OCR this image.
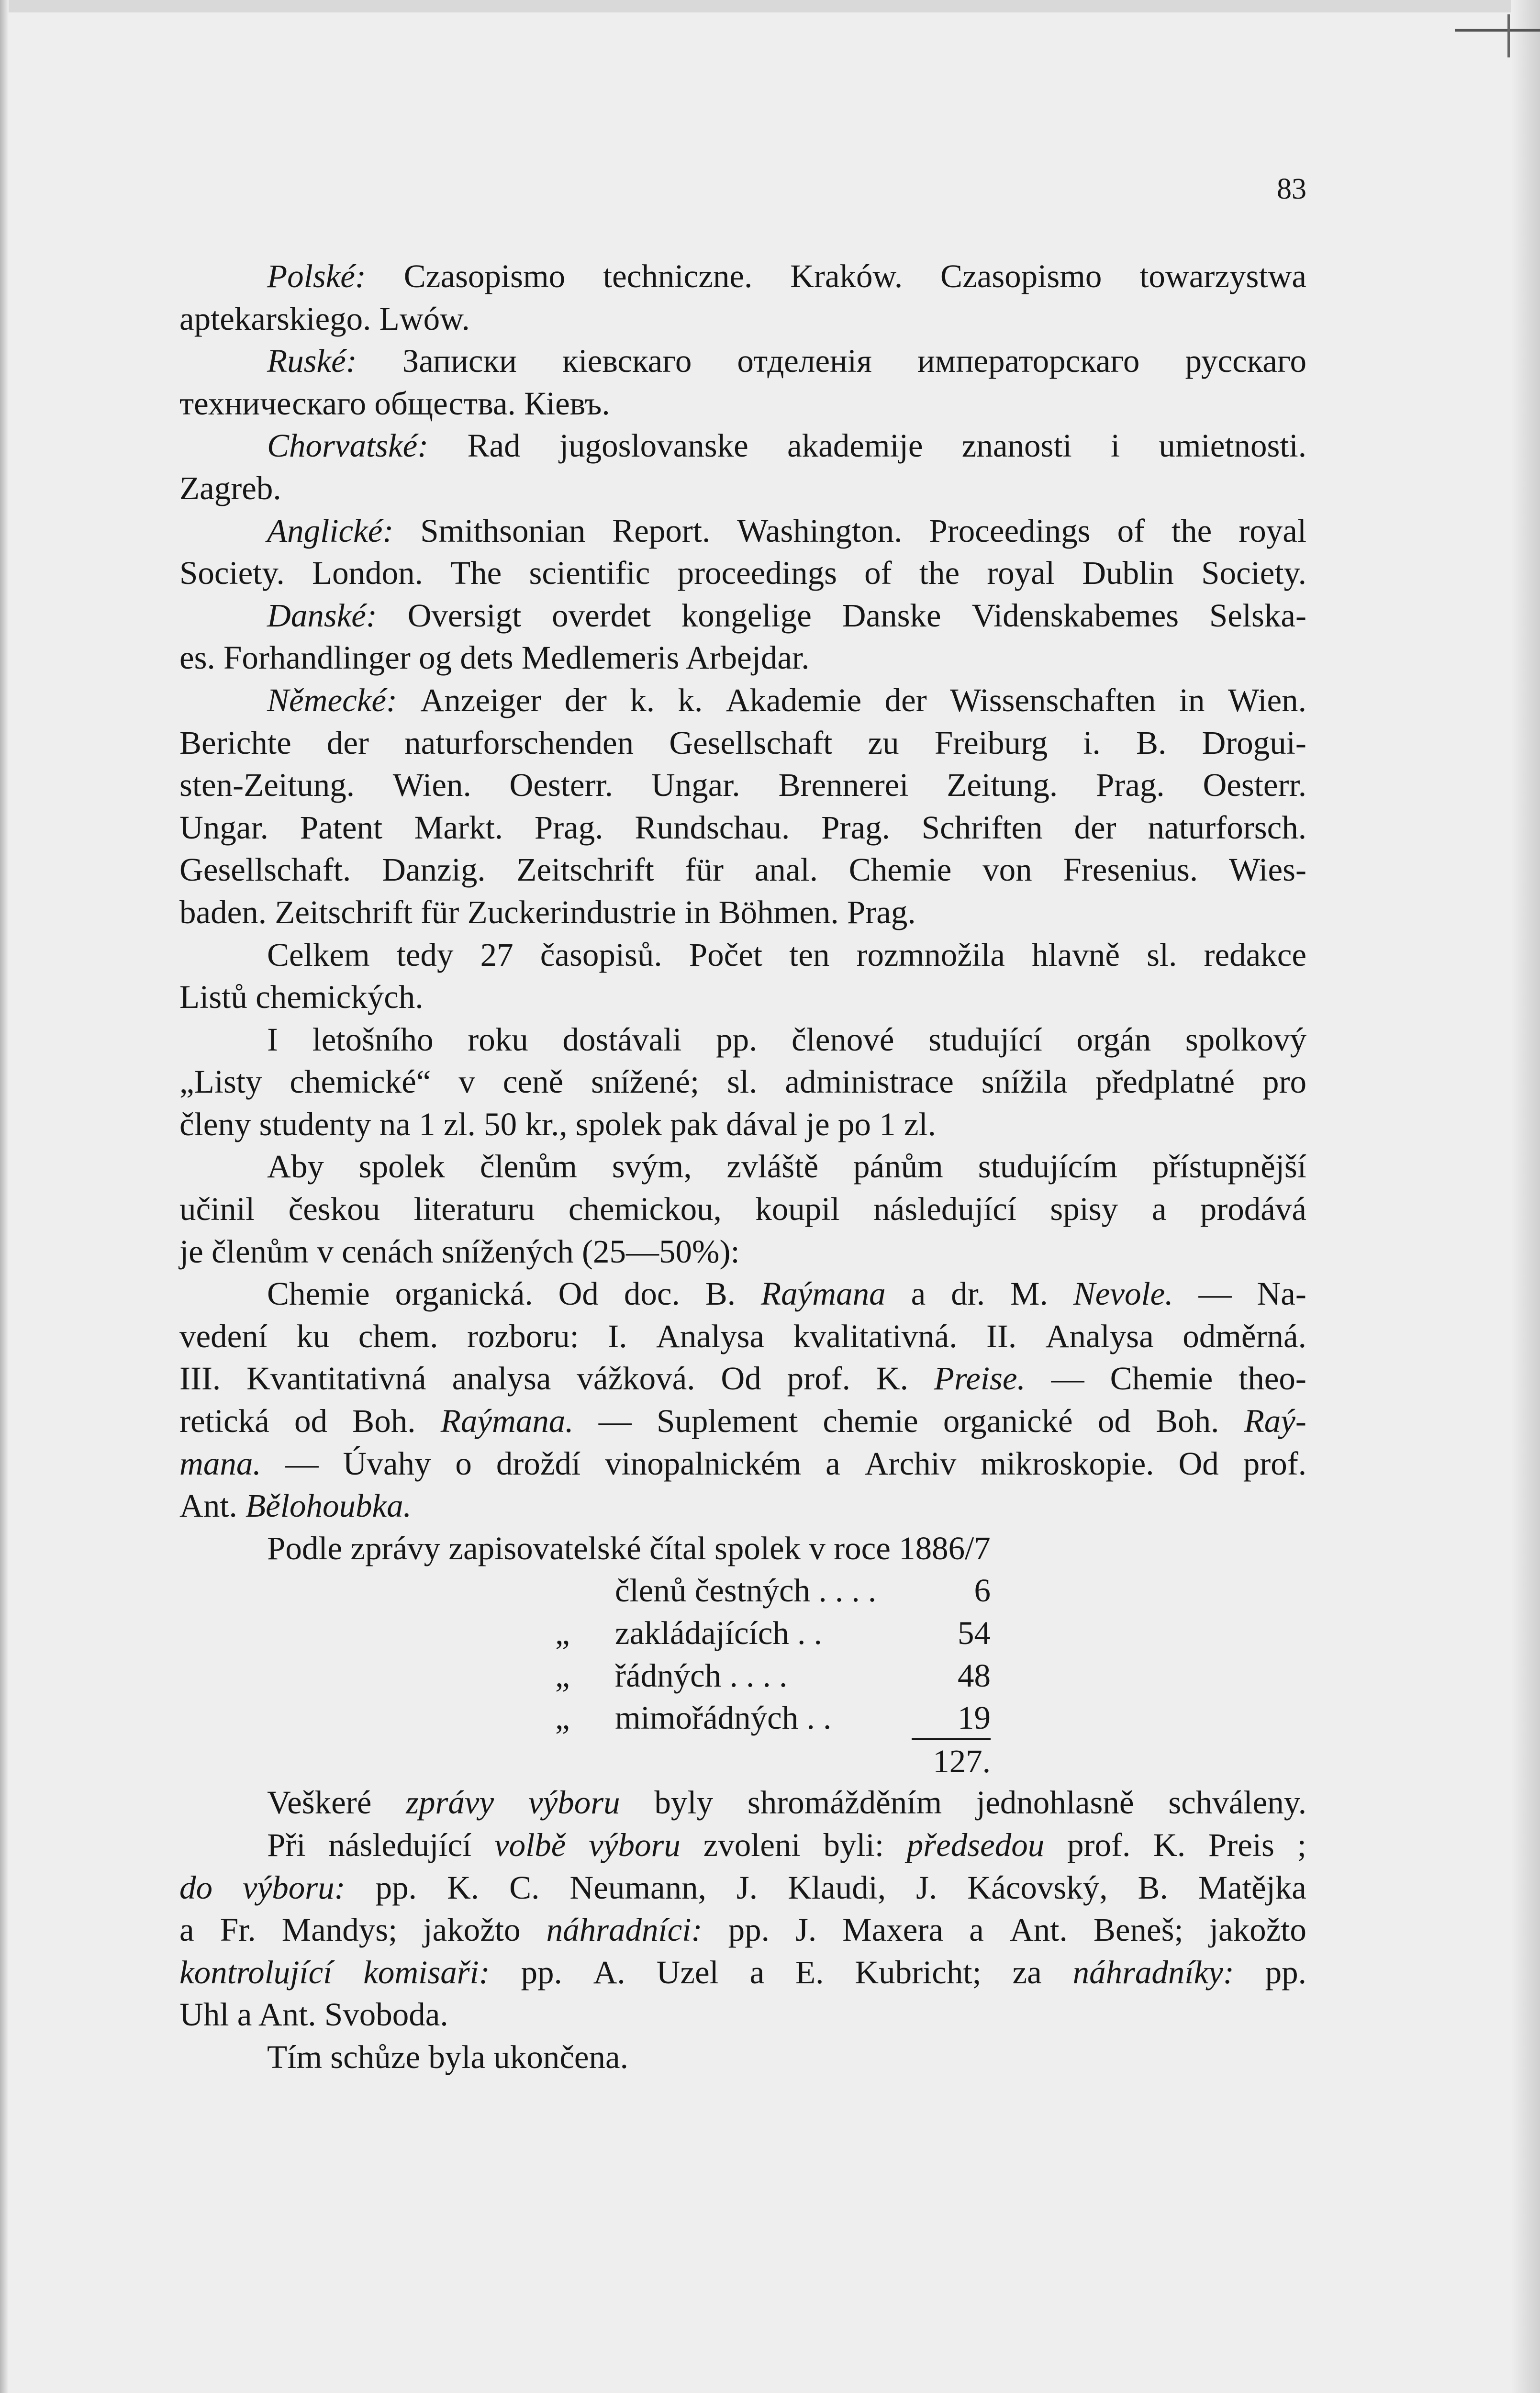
83
Polské: Czasopismo techniczne. Kraków. Czasopismo towarzystwa
aptekarskiego. Lwów.
Ruské: Записки кіевскаго отделенія императорскаго русскаго
техническаго общества. Кіевъ.
Chorvatské: Rad jugoslovanske akademije znanosti i umietnosti.
Zagreb.
Anglické: Smithsonian Report. Washington. Proceedings of the royal
Society. London. The scientific proceedings of the royal Dublin Society.
Danské: Oversigt overdet kongelige Danske Videnskabemes Selska-
es. Forhandlinger og dets Medlemeris Arbejdar.
Německé: Anzeiger der k. k. Akademie der Wissenschaften in Wien.
Berichte der naturforschenden Gesellschaft zu Freiburg i. B. Drogui-
sten-Zeitung. Wien. Oesterr. Ungar. Brennerei Zeitung. Prag. Oesterr.
Ungar. Patent Markt. Prag. Rundschau. Prag. Schriften der naturforsch.
Gesellschaft. Danzig. Zeitschrift für anal. Chemie von Fresenius. Wies-
baden. Zeitschrift für Zuckerindustrie in Böhmen. Prag.
Celkem tedy 27 časopisů. Počet ten rozmnožila hlavně sl. redakce
Listů chemických.
I letošního roku dostávali pp. členové studující orgán spolkový
„Listy chemické“ v ceně snížené; sl. administrace snížila předplatné pro
členy studenty na 1 zl. 50 kr., spolek pak dával je po 1 zl.
Aby spolek členům svým, zvláště pánům studujícím přístupnější
učinil českou literaturu chemickou, koupil následující spisy a prodává
je členům v cenách snížených (25—50%):
Chemie organická. Od doc. B. Raýmana a dr. M. Nevole. — Na-
vedení ku chem. rozboru: I. Analysa kvalitativná. II. Analysa odměrná.
III. Kvantitativná analysa vážková. Od prof. K. Preise. — Chemie theo-
retická od Boh. Raýmana. — Suplement chemie organické od Boh. Raý-
mana. — Úvahy o droždí vinopalnickém a Archiv mikroskopie. Od prof.
Ant. Bělohoubka.
Podle zprávy zapisovatelské čítal spolek v roce 1886/7
členů čestných . . . .	6
„	zakládajících . .	54
„	řádných . . . .	48
„	mimořádných . .	19
127.
Veškeré zprávy výboru byly shromážděním jednohlasně schváleny.
Při následující volbě výboru zvoleni byli: předsedou prof. K. Preis ;
do výboru: pp. K. C. Neumann, J. Klaudi, J. Kácovský, B. Matějka
a Fr. Mandys; jakožto náhradníci: pp. J. Maxera a Ant. Beneš; jakožto
kontrolující komisaři: pp. A. Uzel a E. Kubricht; za náhradníky: pp.
Uhl a Ant. Svoboda.
Tím schůze byla ukončena.
